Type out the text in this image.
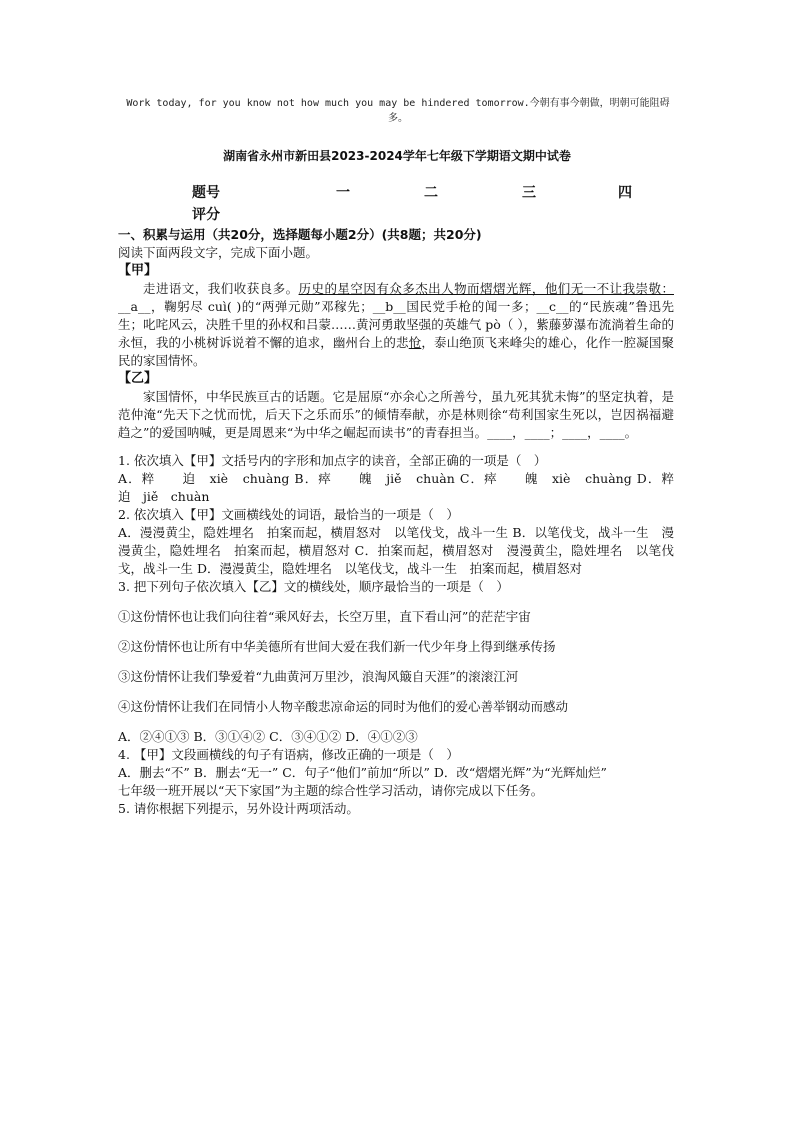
Work today, for you know not how much you may be hindered tomorrow.今朝有事今朝做，明朝可能阻碍多。
湖南省永州市新田县2023-2024学年七年级下学期语文期中试卷
题号	一	二	三	四
评分

一、积累与运用（共20分，选择题每小题2分）(共8题；共20分)

阅读下面两段文字，完成下面小题。

【甲】

走进语文，我们收获良多。历史的星空因有众多杰出人物而熠熠光辉，他们无一不让我崇敬：__a__，鞠躬尽 cuì( )的“两弹元勋”邓稼先；__b__国民党手枪的闻一多；__c__的“民族魂”鲁迅先生；叱咤风云，决胜千里的孙权和吕蒙……黄河勇敢坚强的英雄气 pò（ ），紫藤萝瀑布流淌着生命的永恒，我的小桃树诉说着不懈的追求，幽州台上的悲怆，泰山绝顶飞来峰尖的雄心，化作一腔凝国聚民的家国情怀。

【乙】

家国情怀，中华民族亘古的话题。它是屈原“亦余心之所善兮，虽九死其犹未悔”的坚定执着，是范仲淹“先天下之忧而忧，后天下之乐而乐”的倾情奉献，亦是林则徐“苟利国家生死以，岂因祸福避趋之”的爱国呐喊，更是周恩来“为中华之崛起而读书”的青春担当。____，____；____，____。

1. 依次填入【甲】文括号内的字形和加点字的读音，全部正确的一项是（　）

A．粹　　迫　xiè　chuàng B．瘁　　魄　jiě　chuàn C．瘁　　魄　xiè　chuàng D．粹　　迫　jiě　chuàn

2. 依次填入【甲】文画横线处的词语，最恰当的一项是（　）

A．漫漫黄尘，隐姓埋名　拍案而起，横眉怒对　以笔伐戈，战斗一生 B．以笔伐戈，战斗一生　漫漫黄尘，隐姓埋名　拍案而起，横眉怒对 C．拍案而起，横眉怒对　漫漫黄尘，隐姓埋名　以笔伐戈，战斗一生 D．漫漫黄尘，隐姓埋名　以笔伐戈，战斗一生　拍案而起，横眉怒对

3. 把下列句子依次填入【乙】文的横线处，顺序最恰当的一项是（　）

①这份情怀也让我们向往着“乘风好去，长空万里，直下看山河”的茫茫宇宙

②这份情怀也让所有中华美德所有世间大爱在我们新一代少年身上得到继承传扬

③这份情怀让我们挚爱着“九曲黄河万里沙，浪淘风簸自天涯”的滚滚江河

④这份情怀让我们在同情小人物辛酸悲凉命运的同时为他们的爱心善举钢动而感动

A．②④①③ B．③①④② C．③④①② D．④①②③

4. 【甲】文段画横线的句子有语病，修改正确的一项是（　）

A．删去“不” B．删去“无一” C．句子“他们”前加“所以” D．改“熠熠光辉”为“光辉灿烂”

七年级一班开展以“天下家国”为主题的综合性学习活动，请你完成以下任务。

5. 请你根据下列提示，另外设计两项活动。
